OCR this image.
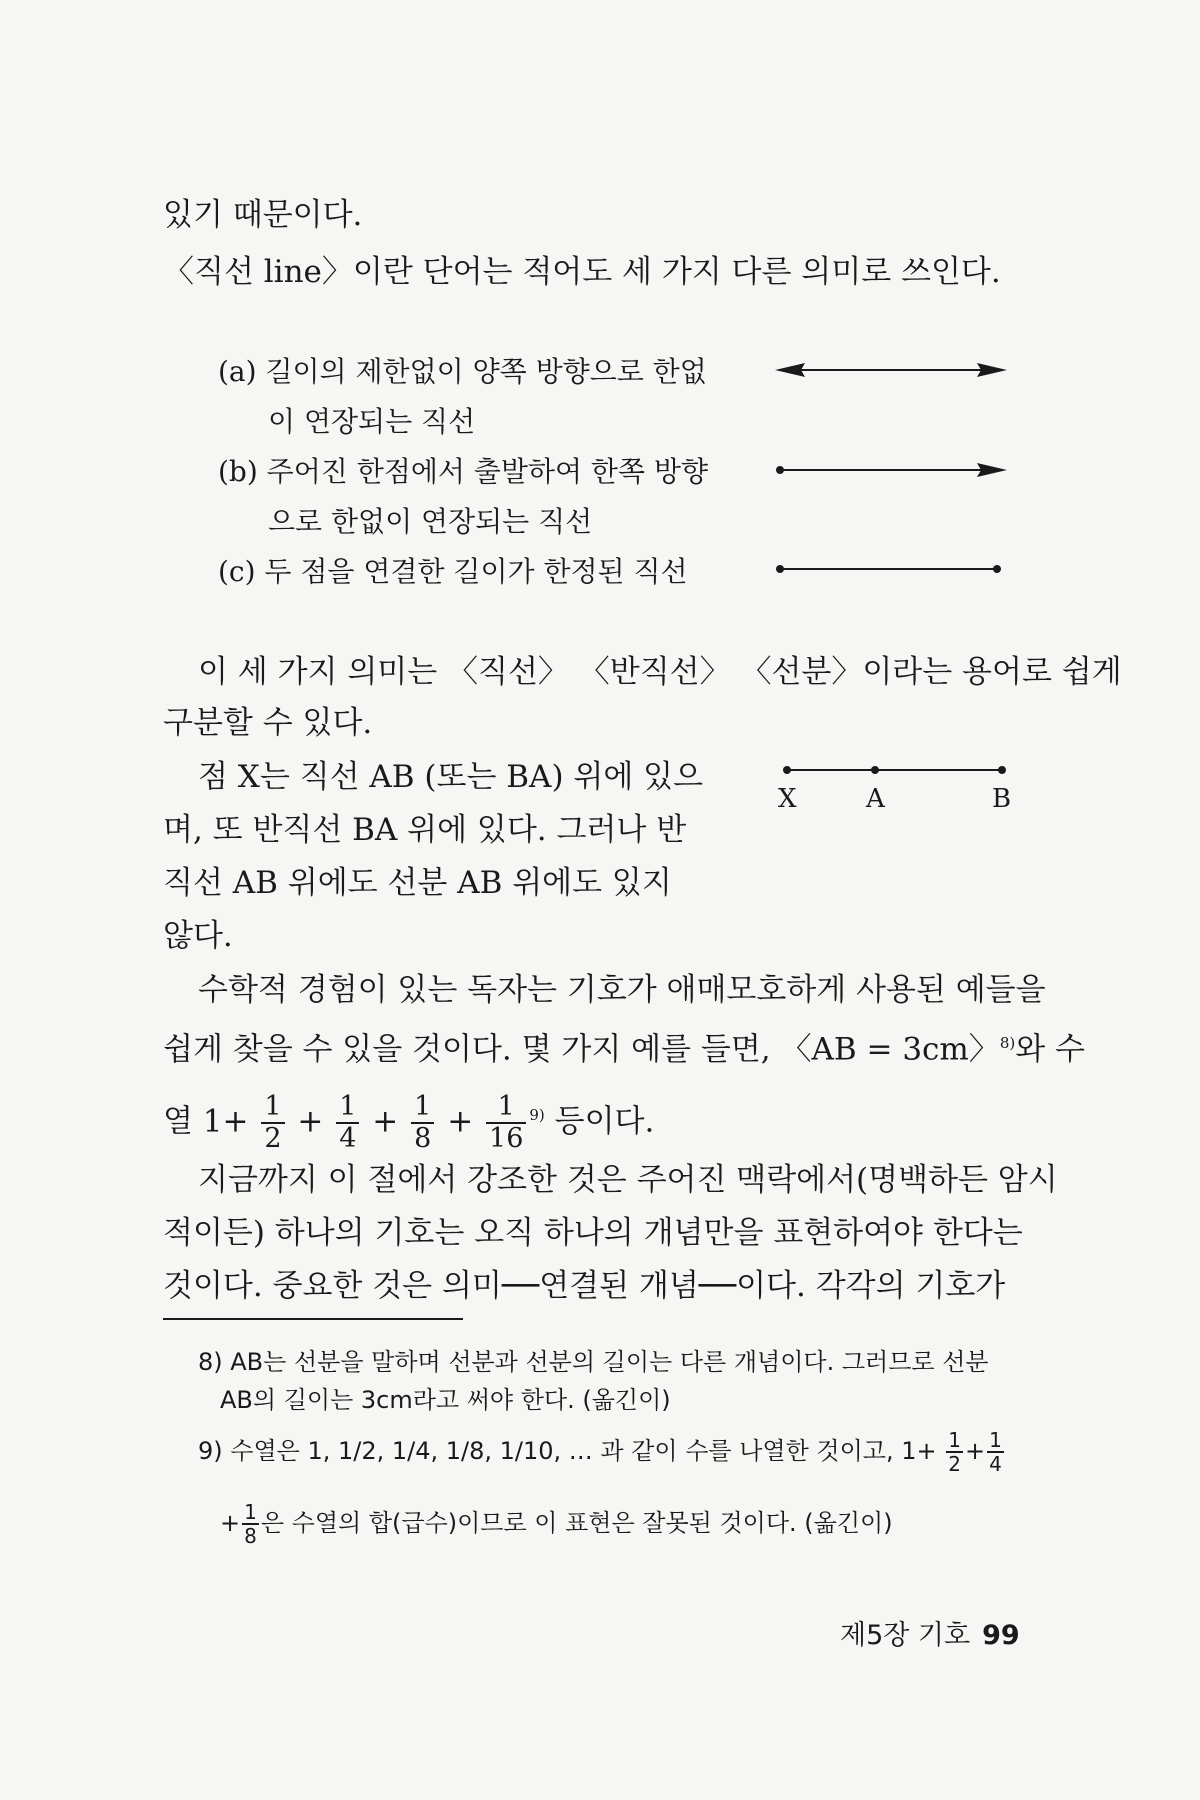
있기 때문이다.
〈직선 line〉이란 단어는 적어도 세 가지 다른 의미로 쓰인다.
(a) 길이의 제한없이 양쪽 방향으로 한없
이 연장되는 직선
(b) 주어진 한점에서 출발하여 한쪽 방향
으로 한없이 연장되는 직선
(c) 두 점을 연결한 길이가 한정된 직선
이 세 가지 의미는 〈직선〉 〈반직선〉 〈선분〉이라는 용어로 쉽게
구분할 수 있다.
점 X는 직선 AB (또는 BA) 위에 있으
며, 또 반직선 BA 위에 있다. 그러나 반
직선 AB 위에도 선분 AB 위에도 있지
않다.
X	A	B
수학적 경험이 있는 독자는 기호가 애매모호하게 사용된 예들을
쉽게 찾을 수 있을 것이다. 몇 가지 예를 들면, 〈AB = 3cm〉$^{8)}$와 수
열 $1+ \frac{1}{2} + \frac{1}{4} + \frac{1}{8} + \frac{1}{16} ^{9)}$ 등이다.
지금까지 이 절에서 강조한 것은 주어진 맥락에서(명백하든 암시
적이든) 하나의 기호는 오직 하나의 개념만을 표현하여야 한다는
것이다. 중요한 것은 의미──연결된 개념──이다. 각각의 기호가
8) AB는 선분을 말하며 선분과 선분의 길이는 다른 개념이다. 그러므로 선분
AB의 길이는 3cm라고 써야 한다. (옮긴이)
9) 수열은 1, 1/2, 1/4, 1/8, 1/10, … 과 같이 수를 나열한 것이고, $1+ \frac{1}{2} + \frac{1}{4}$
+ $\frac{1}{8}$ 은 수열의 합(급수)이므로 이 표현은 잘못된 것이다. (옮긴이)
제5장 기호 99
